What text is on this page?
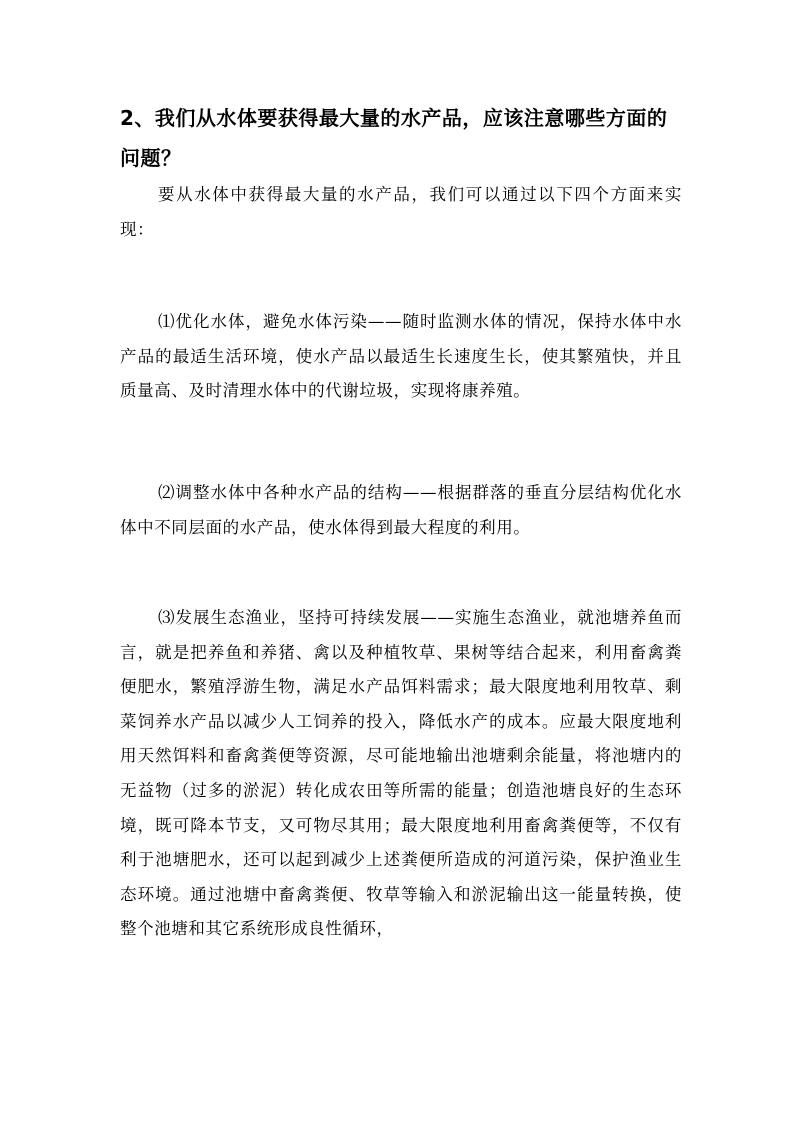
2、我们从水体要获得最大量的水产品，应该注意哪些方面的问题？
要从水体中获得最大量的水产品，我们可以通过以下四个方面来实现：
⑴优化水体，避免水体污染——随时监测水体的情况，保持水体中水产品的最适生活环境，使水产品以最适生长速度生长，使其繁殖快，并且质量高、及时清理水体中的代谢垃圾，实现将康养殖。
⑵调整水体中各种水产品的结构——根据群落的垂直分层结构优化水体中不同层面的水产品，使水体得到最大程度的利用。
⑶发展生态渔业，坚持可持续发展——实施生态渔业，就池塘养鱼而言，就是把养鱼和养猪、禽以及种植牧草、果树等结合起来，利用畜禽粪便肥水，繁殖浮游生物，满足水产品饵料需求；最大限度地利用牧草、剩菜饲养水产品以减少人工饲养的投入，降低水产的成本。应最大限度地利用天然饵料和畜禽粪便等资源，尽可能地输出池塘剩余能量，将池塘内的无益物（过多的淤泥）转化成农田等所需的能量；创造池塘良好的生态环境，既可降本节支，又可物尽其用；最大限度地利用畜禽粪便等，不仅有利于池塘肥水，还可以起到减少上述粪便所造成的河道污染，保护渔业生态环境。通过池塘中畜禽粪便、牧草等输入和淤泥输出这一能量转换，使整个池塘和其它系统形成良性循环，
